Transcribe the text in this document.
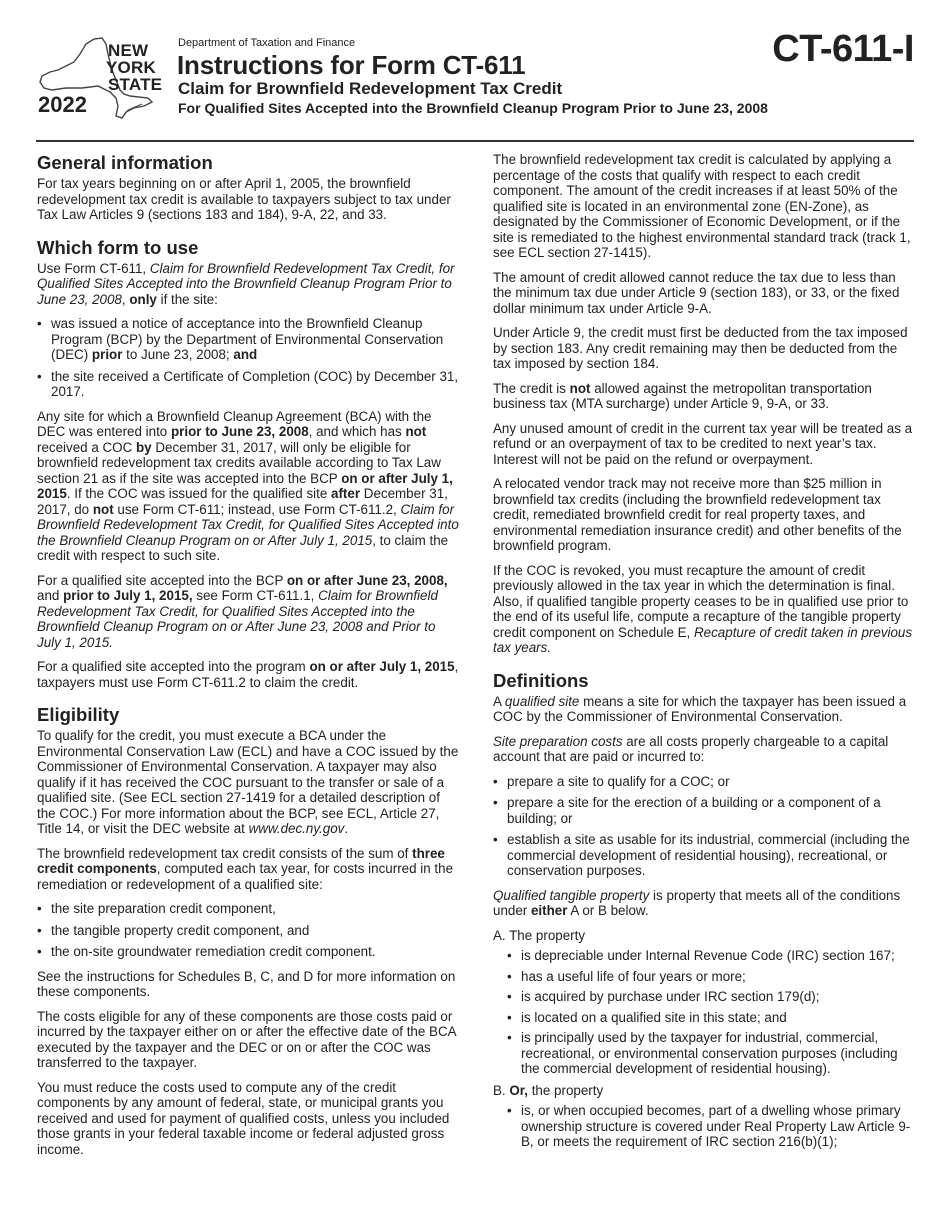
NEW
YORK
STATE
2022
Department of Taxation and Finance
Instructions for Form CT-611
Claim for Brownfield Redevelopment Tax Credit
For Qualified Sites Accepted into the Brownfield Cleanup Program Prior to June 23, 2008
CT-611-I
General information

For tax years beginning on or after April 1, 2005, the brownfield redevelopment tax credit is available to taxpayers subject to tax under Tax Law Articles 9 (sections 183 and 184), 9-A, 22, and 33.

Which form to use

Use Form CT-611, Claim for Brownfield Redevelopment Tax Credit, for Qualified Sites Accepted into the Brownfield Cleanup Program Prior to June 23, 2008, only if the site:

• was issued a notice of acceptance into the Brownfield Cleanup Program (BCP) by the Department of Environmental Conservation (DEC) prior to June 23, 2008; and
• the site received a Certificate of Completion (COC) by December 31, 2017.

Any site for which a Brownfield Cleanup Agreement (BCA) with the DEC was entered into prior to June 23, 2008, and which has not received a COC by December 31, 2017, will only be eligible for brownfield redevelopment tax credits available according to Tax Law section 21 as if the site was accepted into the BCP on or after July 1, 2015. If the COC was issued for the qualified site after December 31, 2017, do not use Form CT-611; instead, use Form CT-611.2, Claim for Brownfield Redevelopment Tax Credit, for Qualified Sites Accepted into the Brownfield Cleanup Program on or After July 1, 2015, to claim the credit with respect to such site.

For a qualified site accepted into the BCP on or after June 23, 2008, and prior to July 1, 2015, see Form CT-611.1, Claim for Brownfield Redevelopment Tax Credit, for Qualified Sites Accepted into the Brownfield Cleanup Program on or After June 23, 2008 and Prior to July 1, 2015.

For a qualified site accepted into the program on or after July 1, 2015, taxpayers must use Form CT-611.2 to claim the credit.

Eligibility

To qualify for the credit, you must execute a BCA under the Environmental Conservation Law (ECL) and have a COC issued by the Commissioner of Environmental Conservation. A taxpayer may also qualify if it has received the COC pursuant to the transfer or sale of a qualified site. (See ECL section 27-1419 for a detailed description of the COC.) For more information about the BCP, see ECL, Article 27, Title 14, or visit the DEC website at www.dec.ny.gov.

The brownfield redevelopment tax credit consists of the sum of three credit components, computed each tax year, for costs incurred in the remediation or redevelopment of a qualified site:

• the site preparation credit component,
• the tangible property credit component, and
• the on-site groundwater remediation credit component.

See the instructions for Schedules B, C, and D for more information on these components.

The costs eligible for any of these components are those costs paid or incurred by the taxpayer either on or after the effective date of the BCA executed by the taxpayer and the DEC or on or after the COC was transferred to the taxpayer.

You must reduce the costs used to compute any of the credit components by any amount of federal, state, or municipal grants you received and used for payment of qualified costs, unless you included those grants in your federal taxable income or federal adjusted gross income.

The brownfield redevelopment tax credit is calculated by applying a percentage of the costs that qualify with respect to each credit component. The amount of the credit increases if at least 50% of the qualified site is located in an environmental zone (EN-Zone), as designated by the Commissioner of Economic Development, or if the site is remediated to the highest environmental standard track (track 1, see ECL section 27-1415).

The amount of credit allowed cannot reduce the tax due to less than the minimum tax due under Article 9 (section 183), or 33, or the fixed dollar minimum tax under Article 9-A.

Under Article 9, the credit must first be deducted from the tax imposed by section 183. Any credit remaining may then be deducted from the tax imposed by section 184.

The credit is not allowed against the metropolitan transportation business tax (MTA surcharge) under Article 9, 9-A, or 33.

Any unused amount of credit in the current tax year will be treated as a refund or an overpayment of tax to be credited to next year’s tax. Interest will not be paid on the refund or overpayment.

A relocated vendor track may not receive more than $25 million in brownfield tax credits (including the brownfield redevelopment tax credit, remediated brownfield credit for real property taxes, and environmental remediation insurance credit) and other benefits of the brownfield program.

If the COC is revoked, you must recapture the amount of credit previously allowed in the tax year in which the determination is final. Also, if qualified tangible property ceases to be in qualified use prior to the end of its useful life, compute a recapture of the tangible property credit component on Schedule E, Recapture of credit taken in previous tax years.

Definitions

A qualified site means a site for which the taxpayer has been issued a COC by the Commissioner of Environmental Conservation.

Site preparation costs are all costs properly chargeable to a capital account that are paid or incurred to:

• prepare a site to qualify for a COC; or
• prepare a site for the erection of a building or a component of a building; or
• establish a site as usable for its industrial, commercial (including the commercial development of residential housing), recreational, or conservation purposes.

Qualified tangible property is property that meets all of the conditions under either A or B below.

A. The property
• is depreciable under Internal Revenue Code (IRC) section 167;
• has a useful life of four years or more;
• is acquired by purchase under IRC section 179(d);
• is located on a qualified site in this state; and
• is principally used by the taxpayer for industrial, commercial, recreational, or environmental conservation purposes (including the commercial development of residential housing).
B. Or, the property
• is, or when occupied becomes, part of a dwelling whose primary ownership structure is covered under Real Property Law Article 9-B, or meets the requirement of IRC section 216(b)(1);
